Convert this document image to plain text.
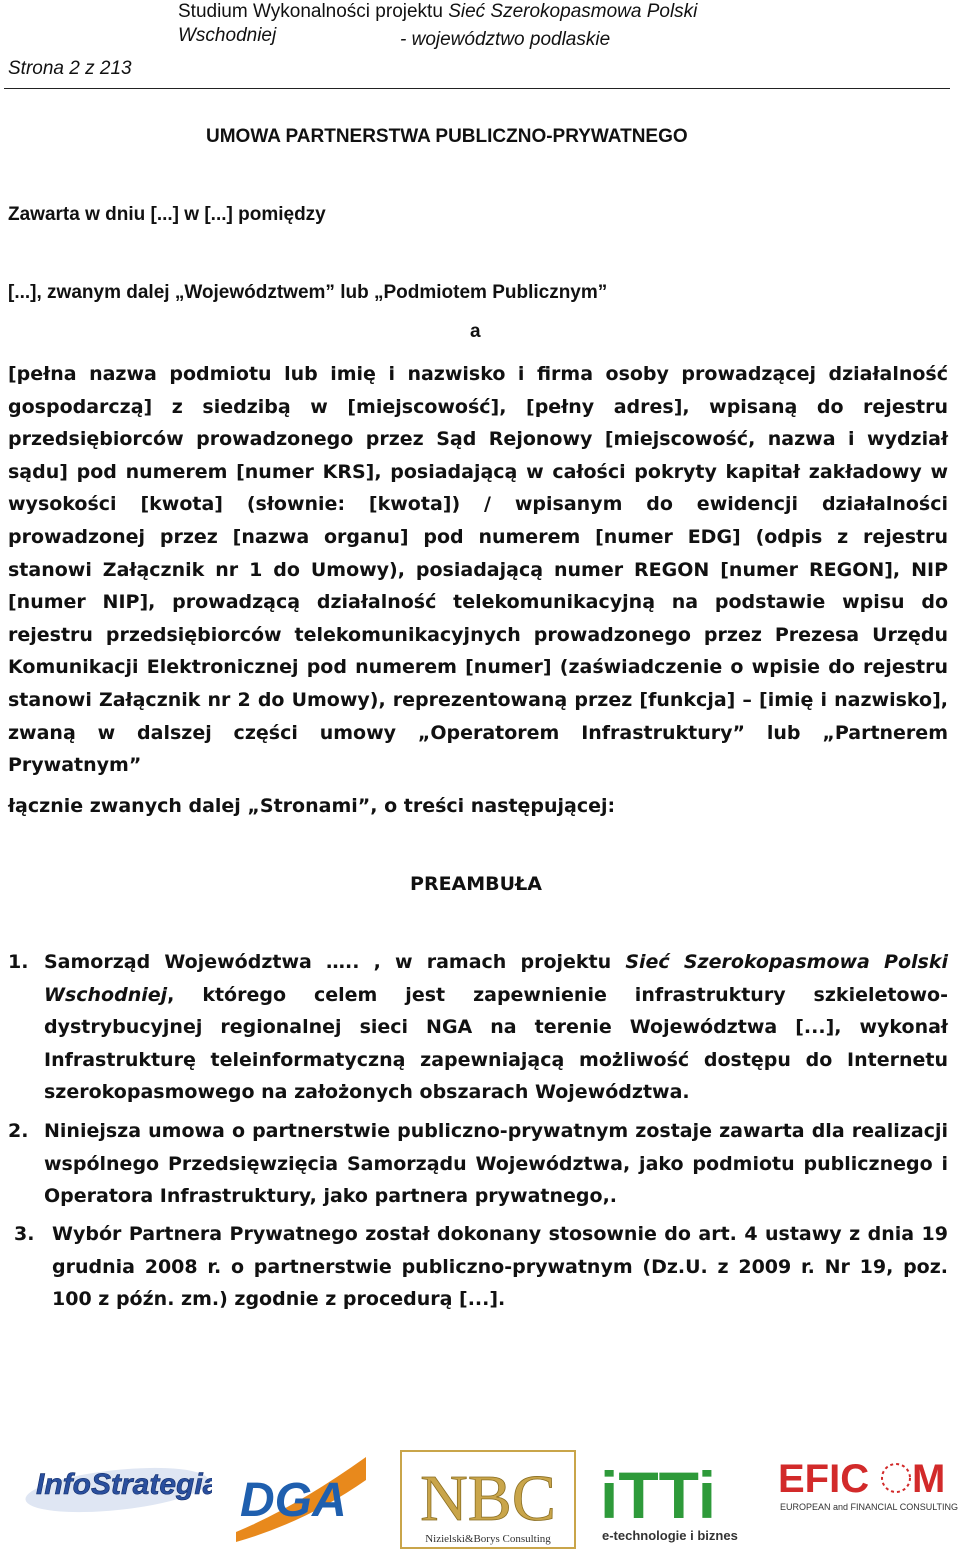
Studium Wykonalności projektu Sieć Szerokopasmowa Polski Wschodniej	- województwo podlaskie
Strona 2 z 213
UMOWA PARTNERSTWA PUBLICZNO-PRYWATNEGO
Zawarta w dniu [...] w [...] pomiędzy
[...], zwanym dalej „Województwem” lub „Podmiotem Publicznym”
a
[pełna nazwa podmiotu lub imię i nazwisko i firma osoby prowadzącej działalność gospodarczą] z siedzibą w [miejscowość], [pełny adres], wpisaną do rejestru przedsiębiorców prowadzonego przez Sąd Rejonowy [miejscowość, nazwa i wydział sądu] pod numerem [numer KRS], posiadającą w całości pokryty kapitał zakładowy w wysokości [kwota] (słownie: [kwota]) / wpisanym do ewidencji działalności prowadzonej przez [nazwa organu] pod numerem [numer EDG] (odpis z rejestru stanowi Załącznik nr 1 do Umowy), posiadającą numer REGON [numer REGON], NIP [numer NIP], prowadzącą działalność telekomunikacyjną na podstawie wpisu do rejestru przedsiębiorców telekomunikacyjnych prowadzonego przez Prezesa Urzędu Komunikacji Elektronicznej pod numerem [numer] (zaświadczenie o wpisie do rejestru stanowi Załącznik nr 2 do Umowy), reprezentowaną przez [funkcja] – [imię i nazwisko], zwaną w dalszej części umowy „Operatorem Infrastruktury” lub „Partnerem Prywatnym”
łącznie zwanych dalej „Stronami”, o treści następującej:
PREAMBUŁA
1. Samorząd Województwa ….. , w ramach projektu Sieć Szerokopasmowa Polski Wschodniej, którego celem jest zapewnienie infrastruktury szkieletowo-dystrybucyjnej regionalnej sieci NGA na terenie Województwa [...], wykonał Infrastrukturę teleinformatyczną zapewniającą możliwość dostępu do Internetu szerokopasmowego na założonych obszarach Województwa.
2. Niniejsza umowa o partnerstwie publiczno-prywatnym zostaje zawarta dla realizacji wspólnego Przedsięwzięcia Samorządu Województwa, jako podmiotu publicznego i Operatora Infrastruktury, jako partnera prywatnego,.
3. Wybór Partnera Prywatnego został dokonany stosownie do art. 4 ustawy z dnia 19 grudnia 2008 r. o partnerstwie publiczno-prywatnym (Dz.U. z 2009 r. Nr 19, poz. 100 z późn. zm.) zgodnie z procedurą [...].
InfoStrategia DGA NBC
Nizielski&Borys Consulting
iTTi
e-technologie i biznes
EFIC M
EUROPEAN and FINANCIAL CONSULTING
